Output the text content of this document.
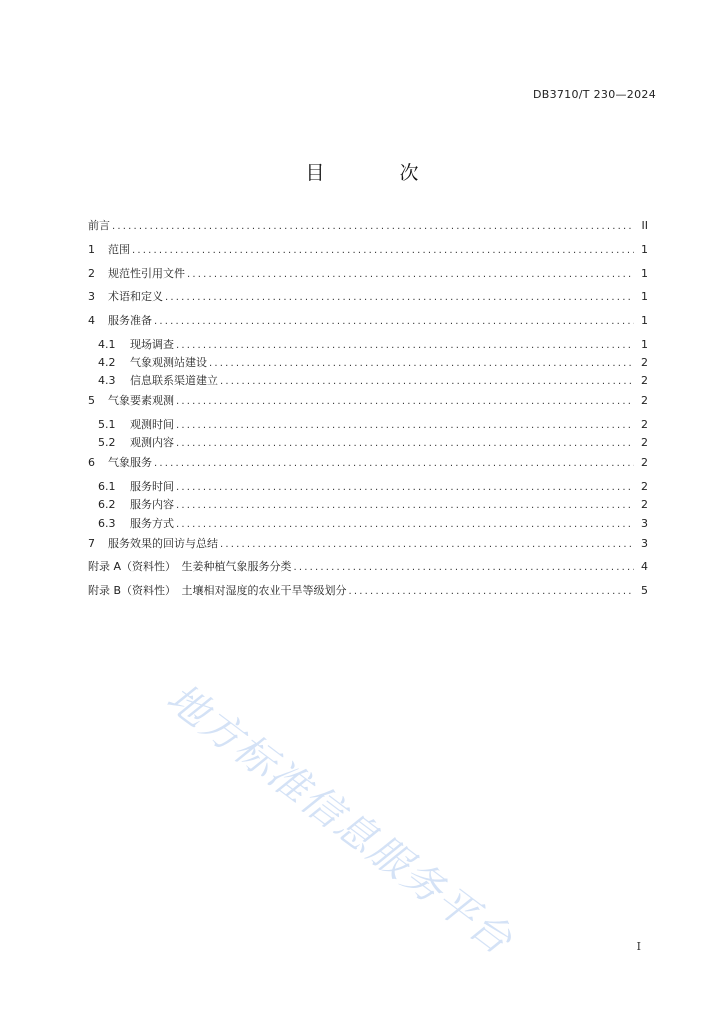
DB3710/T 230—2024
目　次
前言 .....	II
1	范围 .....	1
2	规范性引用文件 .....	1
3	术语和定义 .....	1
4	服务准备 .....	1
4.1	现场调查 .....	1
4.2	气象观测站建设 .....	2
4.3	信息联系渠道建立 .....	2
5	气象要素观测 .....	2
5.1	观测时间 .....	2
5.2	观测内容 .....	2
6	气象服务 .....	2
6.1	服务时间 .....	2
6.2	服务内容 .....	2
6.3	服务方式 .....	3
7	服务效果的回访与总结 .....	3
附录 A（资料性）　生姜种植气象服务分类 .....	4
附录 B（资料性）　土壤相对湿度的农业干旱等级划分 .....	5
地方标准信息服务平台	I
